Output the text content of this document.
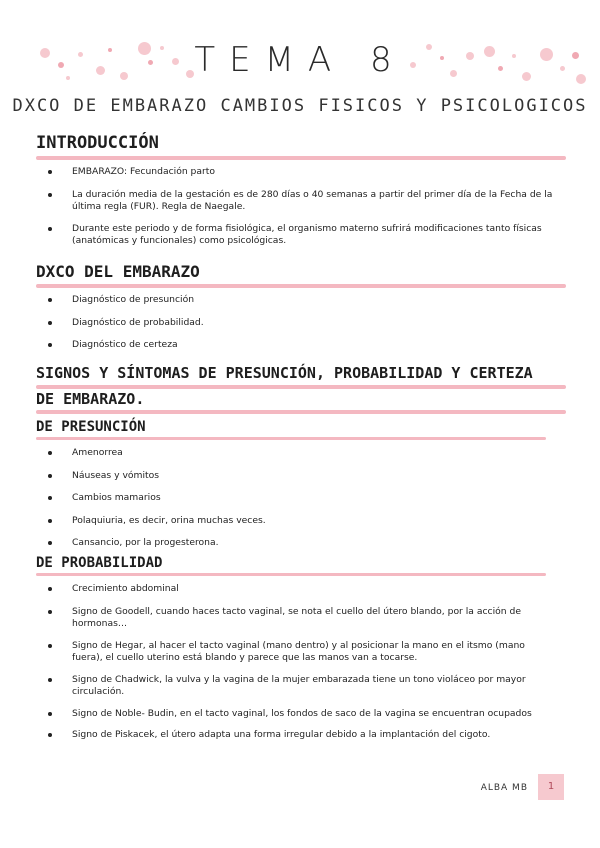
TEMA 8
DXCO DE EMBARAZO CAMBIOS FISICOS Y PSICOLOGICOS
INTRODUCCIÓN
EMBARAZO: Fecundación parto
La duración media de la gestación es de 280 días o 40 semanas a partir del primer día de la Fecha de la última regla (FUR). Regla de Naegale.
Durante este periodo y de forma fisiológica, el organismo materno sufrirá modificaciones tanto físicas (anatómicas y funcionales) como psicológicas.
DXCO DEL EMBARAZO
Diagnóstico de presunción
Diagnóstico de probabilidad.
Diagnóstico de certeza
SIGNOS Y SÍNTOMAS DE PRESUNCIÓN, PROBABILIDAD Y CERTEZA
DE EMBARAZO.
DE PRESUNCIÓN
Amenorrea
Náuseas y vómitos
Cambios mamarios
Polaquiuria, es decir, orina muchas veces.
Cansancio, por la progesterona.
DE PROBABILIDAD
Crecimiento abdominal
Signo de Goodell, cuando haces tacto vaginal, se nota el cuello del útero blando, por la acción de hormonas…
Signo de Hegar, al hacer el tacto vaginal (mano dentro) y al posicionar la mano en el itsmo (mano fuera), el cuello uterino está blando y parece que las manos van a tocarse.
Signo de Chadwick, la vulva y la vagina de la mujer embarazada tiene un tono violáceo por mayor circulación.
Signo de Noble- Budin, en el tacto vaginal, los fondos de saco de la vagina se encuentran ocupados
Signo de Piskacek, el útero adapta una forma irregular debido a la implantación del cigoto.
ALBA MB	1
